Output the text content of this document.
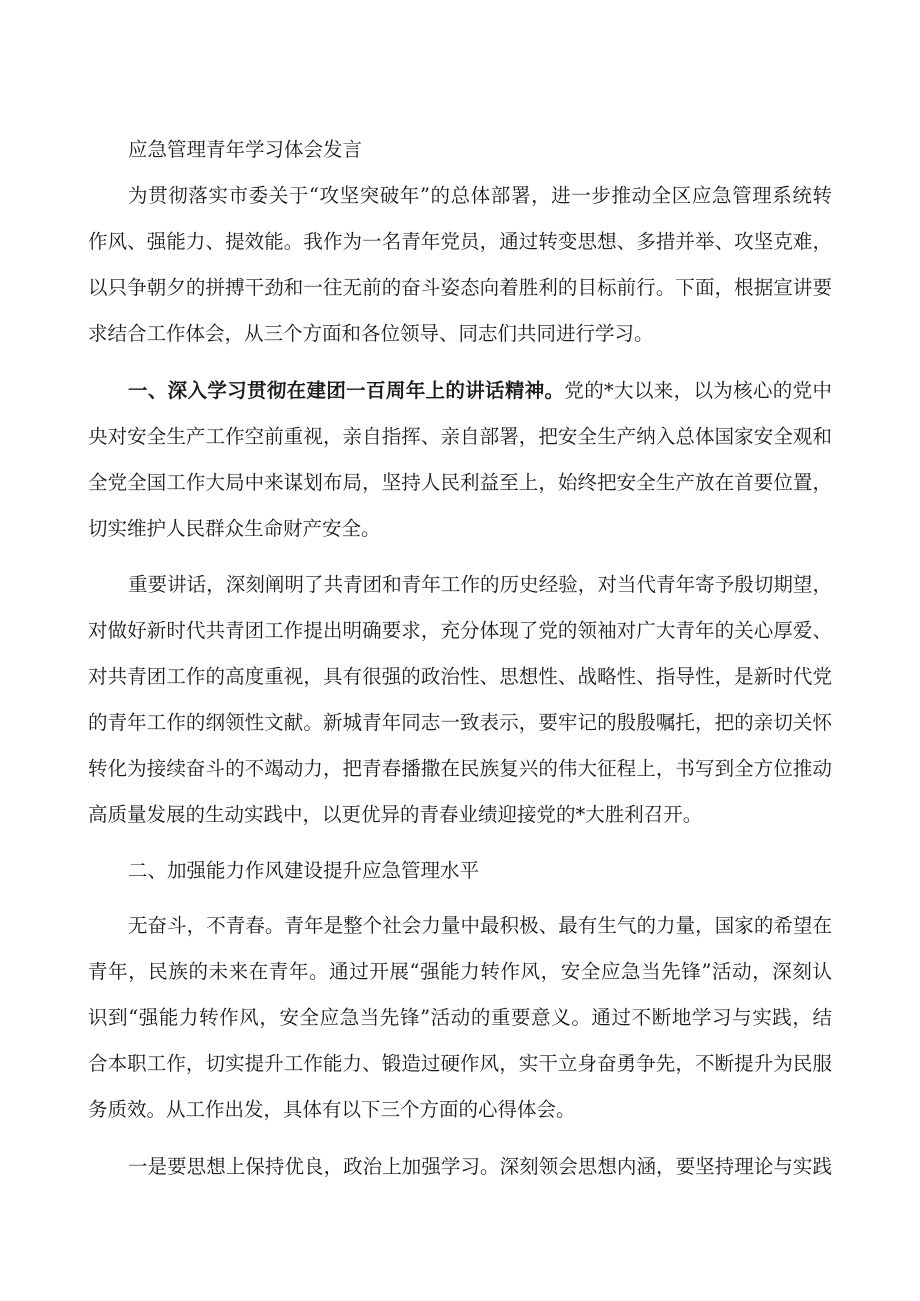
应急管理青年学习体会发言
为贯彻落实市委关于“攻坚突破年”的总体部署，进一步推动全区应急管理系统转
作风、强能力、提效能。我作为一名青年党员，通过转变思想、多措并举、攻坚克难，
以只争朝夕的拼搏干劲和一往无前的奋斗姿态向着胜利的目标前行。下面，根据宣讲要
求结合工作体会，从三个方面和各位领导、同志们共同进行学习。
一、深入学习贯彻在建团一百周年上的讲话精神。党的*大以来，以为核心的党中
央对安全生产工作空前重视，亲自指挥、亲自部署，把安全生产纳入总体国家安全观和
全党全国工作大局中来谋划布局，坚持人民利益至上，始终把安全生产放在首要位置，
切实维护人民群众生命财产安全。
重要讲话，深刻阐明了共青团和青年工作的历史经验，对当代青年寄予殷切期望，
对做好新时代共青团工作提出明确要求，充分体现了党的领袖对广大青年的关心厚爱、
对共青团工作的高度重视，具有很强的政治性、思想性、战略性、指导性，是新时代党
的青年工作的纲领性文献。新城青年同志一致表示，要牢记的殷殷嘱托，把的亲切关怀
转化为接续奋斗的不竭动力，把青春播撒在民族复兴的伟大征程上，书写到全方位推动
高质量发展的生动实践中，以更优异的青春业绩迎接党的*大胜利召开。
二、加强能力作风建设提升应急管理水平
无奋斗，不青春。青年是整个社会力量中最积极、最有生气的力量，国家的希望在
青年，民族的未来在青年。通过开展“强能力转作风，安全应急当先锋”活动，深刻认
识到“强能力转作风，安全应急当先锋”活动的重要意义。通过不断地学习与实践，结
合本职工作，切实提升工作能力、锻造过硬作风，实干立身奋勇争先，不断提升为民服
务质效。从工作出发，具体有以下三个方面的心得体会。
一是要思想上保持优良，政治上加强学习。深刻领会思想内涵，要坚持理论与实践
